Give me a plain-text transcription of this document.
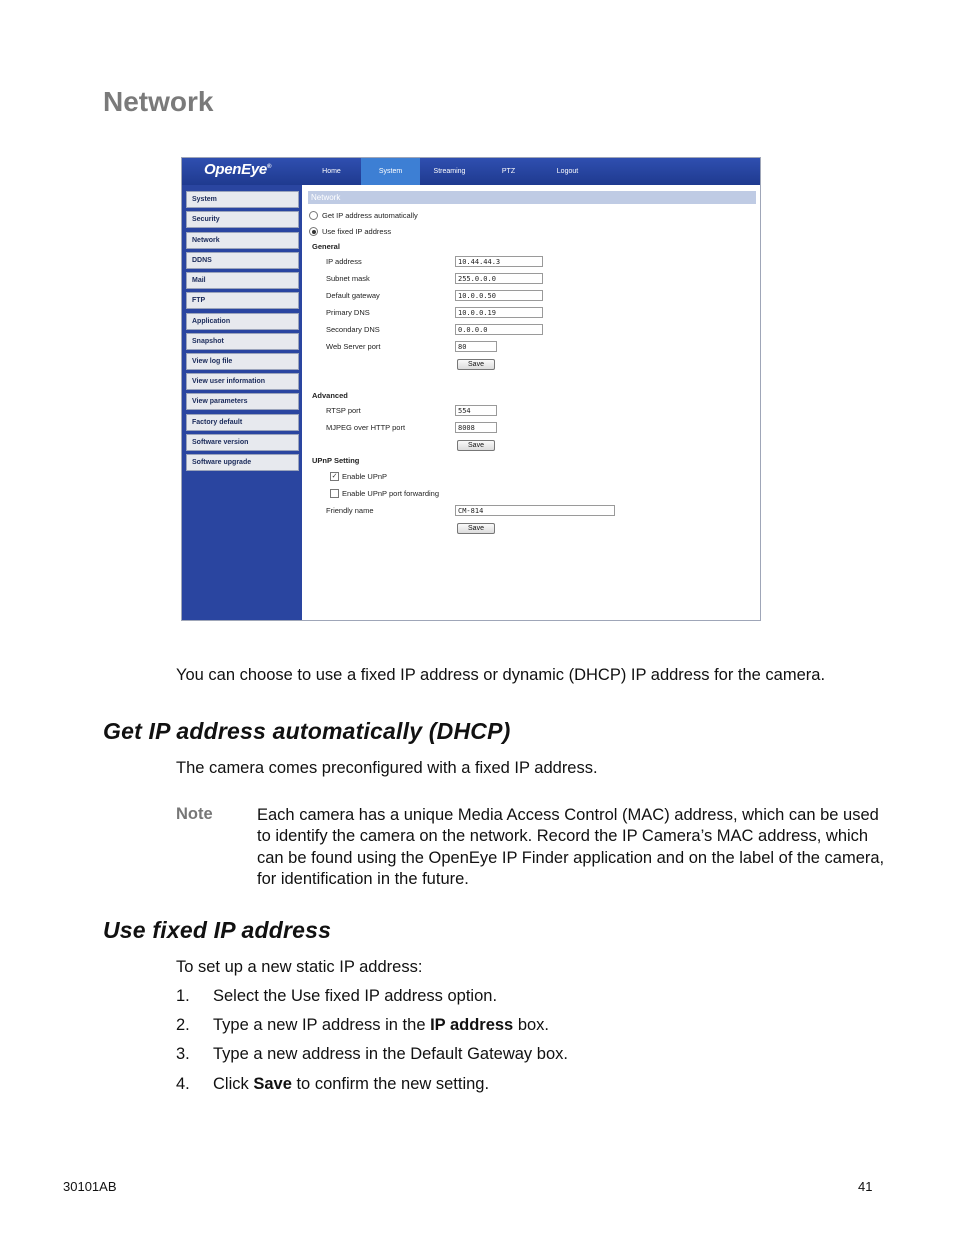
Network
OpenEye®
Home	System	Streaming	PTZ	Logout
System
Security
Network
DDNS
Mail
FTP
Application
Snapshot
View log file
View user information
View parameters
Factory default
Software version
Software upgrade
Network
Get IP address automatically
Use fixed IP address
General
IP address	10.44.44.3
Subnet mask	255.0.0.0
Default gateway	10.0.0.50
Primary DNS	10.0.0.19
Secondary DNS	0.0.0.0
Web Server port	80
Save
Advanced
RTSP port	554
MJPEG over HTTP port	8008
Save
UPnP Setting
✓ Enable UPnP
Enable UPnP port forwarding
Friendly name	CM-814
Save

You can choose to use a fixed IP address or dynamic (DHCP) IP address for the camera.

Get IP address automatically (DHCP)

The camera comes preconfigured with a fixed IP address.

Note	Each camera has a unique Media Access Control (MAC) address, which can be used to identify the camera on the network. Record the IP Camera’s MAC address, which can be found using the OpenEye IP Finder application and on the label of the camera, for identification in the future.

Use fixed IP address

To set up a new static IP address:

1. Select the Use fixed IP address option.
2. Type a new IP address in the IP address box.
3. Type a new address in the Default Gateway box.
4. Click Save to confirm the new setting.
30101AB	41
